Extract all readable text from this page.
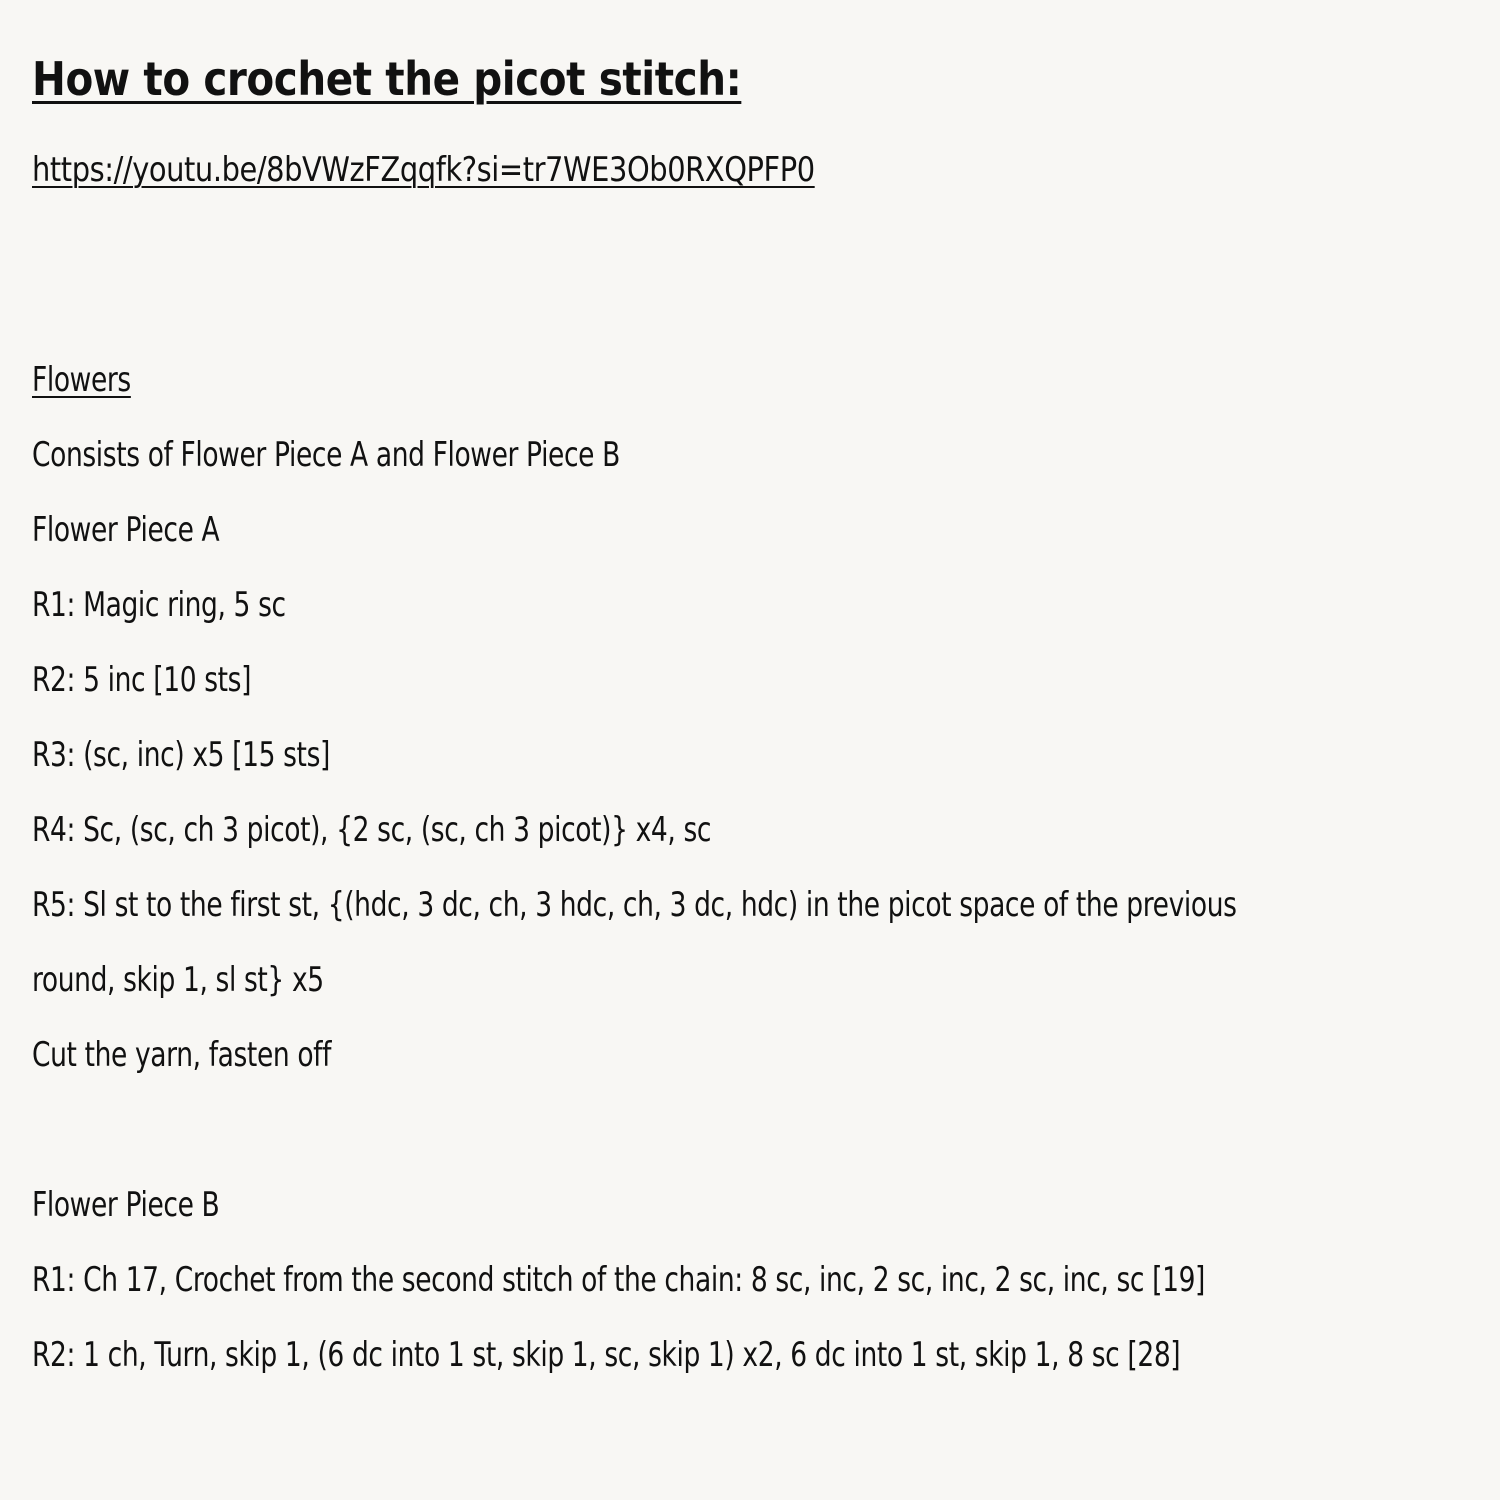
How to crochet the picot stitch:
https://youtu.be/8bVWzFZqqfk?si=tr7WE3Ob0RXQPFP0
Flowers
Consists of Flower Piece A and Flower Piece B
Flower Piece A
R1: Magic ring, 5 sc
R2: 5 inc [10 sts]
R3: (sc, inc) x5 [15 sts]
R4: Sc, (sc, ch 3 picot), {2 sc, (sc, ch 3 picot)} x4, sc
R5: Sl st to the first st, {(hdc, 3 dc, ch, 3 hdc, ch, 3 dc, hdc) in the picot space of the previous
round, skip 1, sl st} x5
Cut the yarn, fasten off
Flower Piece B
R1: Ch 17, Crochet from the second stitch of the chain: 8 sc, inc, 2 sc, inc, 2 sc, inc, sc [19]
R2: 1 ch, Turn, skip 1, (6 dc into 1 st, skip 1, sc, skip 1) x2, 6 dc into 1 st, skip 1, 8 sc [28]
